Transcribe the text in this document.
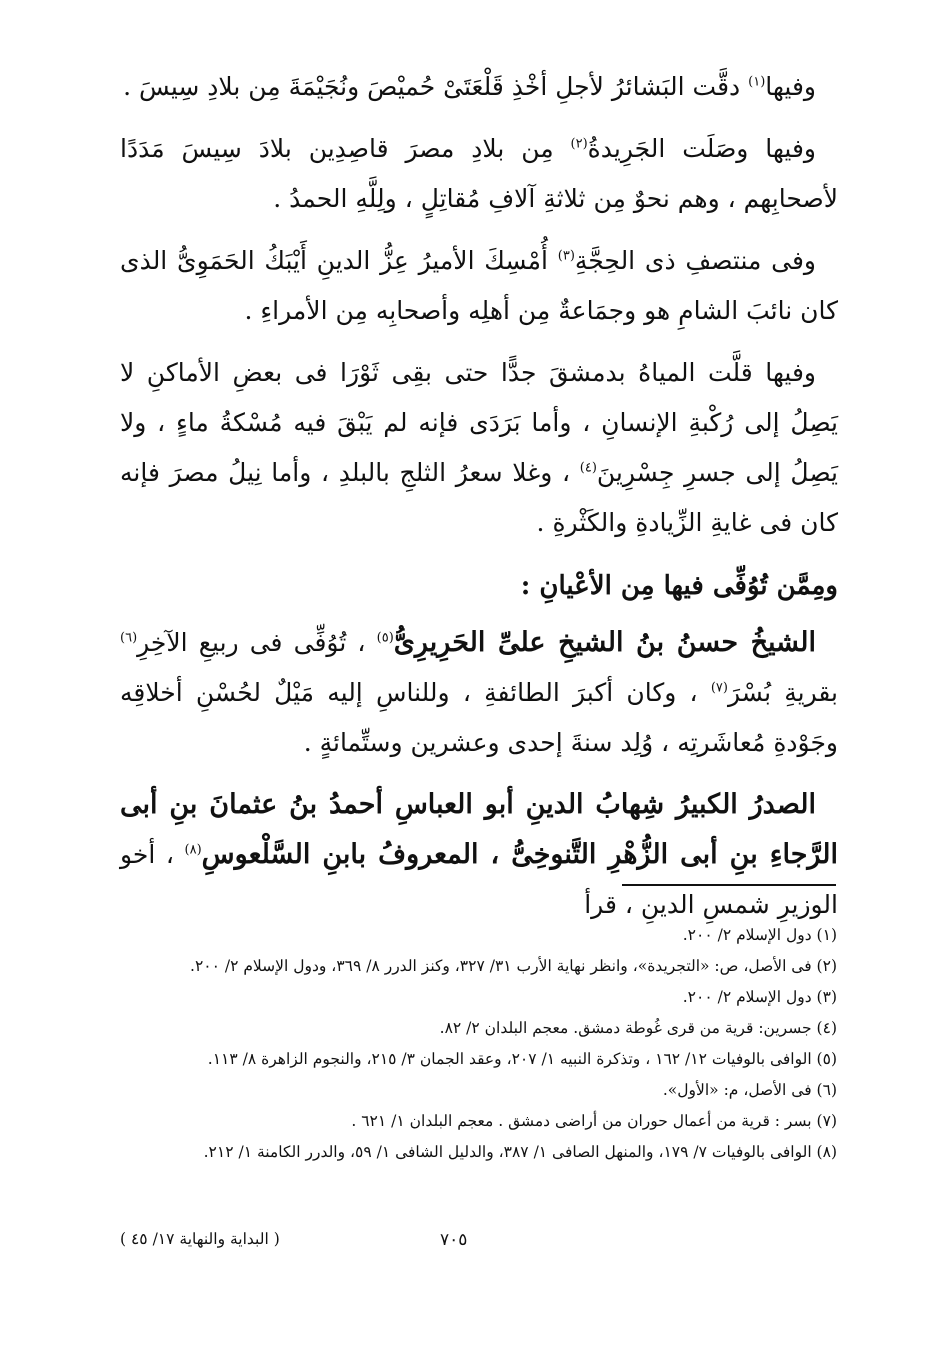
وفيها$^{(١)}$ دقَّت البَشائرُ لأجلِ أخْذِ قَلْعَتَىْ حُميْصَ ونُجَيْمَةَ مِن بلادِ سِيسَ .

وفيها وصَلَت الجَرِيدةُ$^{(٢)}$ مِن بلادِ مصرَ قاصِدِين بلادَ سِيسَ مَدَدًا لأصحابِهم ، وهم نحوٌ مِن ثلاثةِ آلافِ مُقاتِلٍ ، ولِلَّهِ الحمدُ .

وفى منتصفِ ذى الحِجَّةِ$^{(٣)}$ أُمْسِكَ الأميرُ عِزُّ الدينِ أَيْبَكُ الحَمَوِىُّ الذى كان نائبَ الشامِ هو وجمَاعةٌ مِن أهلِه وأصحابِه مِن الأمراءِ .

وفيها قلَّت المياهُ بدمشقَ جدًّا حتى بقِى ثَوْرَا فى بعضِ الأماكنِ لا يَصِلُ إلى رُكْبةِ الإنسانِ ، وأما بَرَدَى فإنه لم يَبْقَ فيه مُسْكةُ ماءٍ ، ولا يَصِلُ إلى جسرِ جِسْرِينَ$^{(٤)}$ ، وغلا سعرُ الثلجِ بالبلدِ ، وأما نِيلُ مصرَ فإنه كان فى غايةِ الزِّيادةِ والكَثْرةِ .

ومِمَّن تُوُفِّى فيها مِن الأعْيانِ :

الشيخُ حسنُ بنُ الشيخِ علىِّ الحَرِيرِىُّ$^{(٥)}$ ، تُوُفِّى فى ربيعِ الآخِرِ$^{(٦)}$ بقريةِ بُسْرَ$^{(٧)}$ ، وكان أكبرَ الطائفةِ ، وللناسِ إليه مَيْلٌ لحُسْنِ أخلاقِه وجَوْدةِ مُعاشَرتِه ، وُلِد سنةَ إحدى وعشرين وستِّمائةٍ .

الصدرُ الكبيرُ شِهابُ الدينِ أبو العباسِ أحمدُ بنُ عثمانَ بنِ أبى الرَّجاءِ بنِ أبى الزُّهْرِ التَّنوخِىُّ ، المعروفُ بابنِ السَّلْعوسِ$^{(٨)}$ ، أخو الوزيرِ شمسِ الدينِ ، قرأ

(١) دول الإسلام ٢/ ٢٠٠.

(٢) فى الأصل، ص: «التجريدة»، وانظر نهاية الأرب ٣١/ ٣٢٧، وكنز الدرر ٨/ ٣٦٩، ودول الإسلام ٢/ ٢٠٠.

(٣) دول الإسلام ٢/ ٢٠٠.

(٤) جسرين: قرية من قرى غُوطة دمشق. معجم البلدان ٢/ ٨٢.

(٥) الوافى بالوفيات ١٢/ ١٦٢ ، وتذكرة النبيه ١/ ٢٠٧، وعقد الجمان ٣/ ٢١٥، والنجوم الزاهرة ٨/ ١١٣.

(٦) فى الأصل، م: «الأول».

(٧) بسر : قرية من أعمال حوران من أراضى دمشق . معجم البلدان ١/ ٦٢١ .

(٨) الوافى بالوفيات ٧/ ١٧٩، والمنهل الصافى ١/ ٣٨٧، والدليل الشافى ١/ ٥٩، والدرر الكامنة ١/ ٢١٢.

٧٠٥
( البداية والنهاية ١٧/ ٤٥ )
